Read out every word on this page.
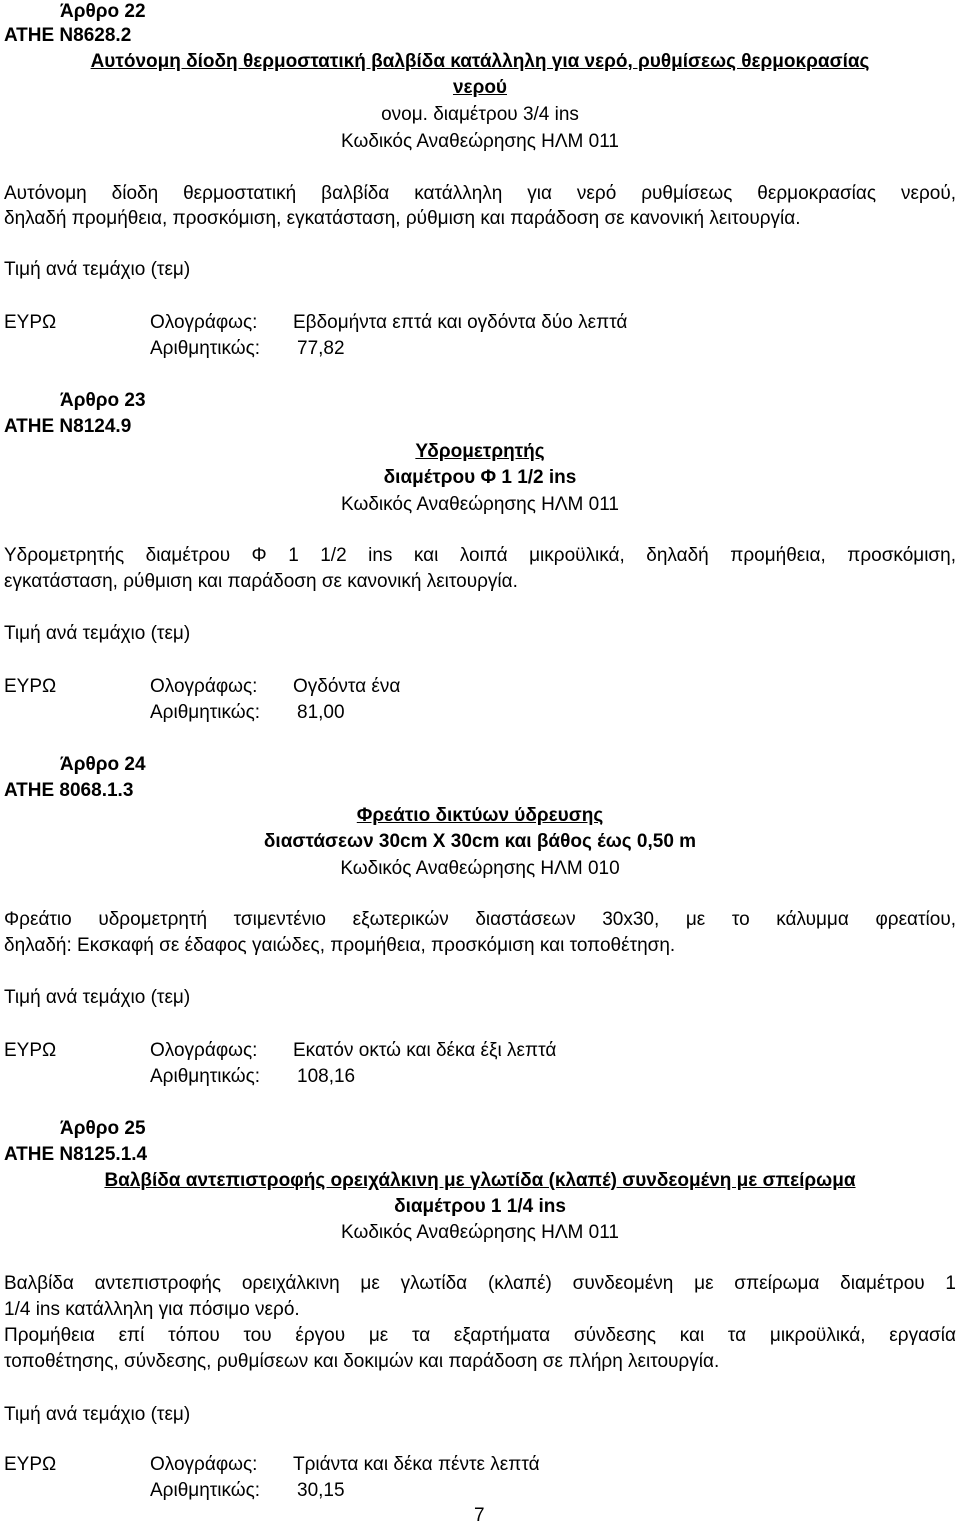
Άρθρο 22
ΑΤΗΕ Ν8628.2
Αυτόνομη δίοδη θερμοστατική βαλβίδα κατάλληλη για νερό, ρυθμίσεως θερμοκρασίας
νερού
ονομ. διαμέτρου 3/4 ins
Κωδικός Αναθεώρησης ΗΛΜ 011
Αυτόνομη δίοδη θερμοστατική βαλβίδα κατάλληλη για νερό ρυθμίσεως θερμοκρασίας νερού,
δηλαδή προμήθεια, προσκόμιση, εγκατάσταση, ρύθμιση και παράδοση σε κανονική λειτουργία.
Τιμή ανά τεμάχιο (τεμ)
ΕΥΡΩ	Ολογράφως: Εβδομήντα επτά και ογδόντα δύο λεπτά
Αριθμητικώς: 77,82
Άρθρο 23
ΑΤΗΕ Ν8124.9
Υδρομετρητής
διαμέτρου Φ 1 1/2 ins
Κωδικός Αναθεώρησης ΗΛΜ 011
Υδρομετρητής διαμέτρου Φ 1 1/2 ins και λοιπά μικροϋλικά, δηλαδή προμήθεια, προσκόμιση,
εγκατάσταση, ρύθμιση και παράδοση σε κανονική λειτουργία.
Τιμή ανά τεμάχιο (τεμ)
ΕΥΡΩ	Ολογράφως: Ογδόντα ένα
Αριθμητικώς: 81,00
Άρθρο 24
ΑΤΗΕ 8068.1.3
Φρεάτιο δικτύων ύδρευσης
διαστάσεων 30cm X 30cm και βάθος έως 0,50 m
Κωδικός Αναθεώρησης ΗΛΜ 010
Φρεάτιο υδρομετρητή τσιμεντένιο εξωτερικών διαστάσεων 30x30, με το κάλυμμα φρεατίου,
δηλαδή: Εκσκαφή σε έδαφος γαιώδες, προμήθεια, προσκόμιση και τοποθέτηση.
Τιμή ανά τεμάχιο (τεμ)
ΕΥΡΩ	Ολογράφως: Εκατόν οκτώ και δέκα έξι λεπτά
Αριθμητικώς: 108,16
Άρθρο 25
ΑΤΗΕ Ν8125.1.4
Βαλβίδα αντεπιστροφής ορειχάλκινη με γλωτίδα (κλαπέ) συνδεομένη με σπείρωμα
διαμέτρου 1 1/4 ins
Κωδικός Αναθεώρησης ΗΛΜ 011
Βαλβίδα αντεπιστροφής ορειχάλκινη με γλωτίδα (κλαπέ) συνδεομένη με σπείρωμα διαμέτρου 1
1/4 ins κατάλληλη για πόσιμο νερό.
Προμήθεια επί τόπου του έργου με τα εξαρτήματα σύνδεσης και τα μικροϋλικά, εργασία
τοποθέτησης, σύνδεσης, ρυθμίσεων και δοκιμών και παράδοση σε πλήρη λειτουργία.
Τιμή ανά τεμάχιο (τεμ)
ΕΥΡΩ	Ολογράφως: Τριάντα και δέκα πέντε λεπτά
Αριθμητικώς: 30,15
7
